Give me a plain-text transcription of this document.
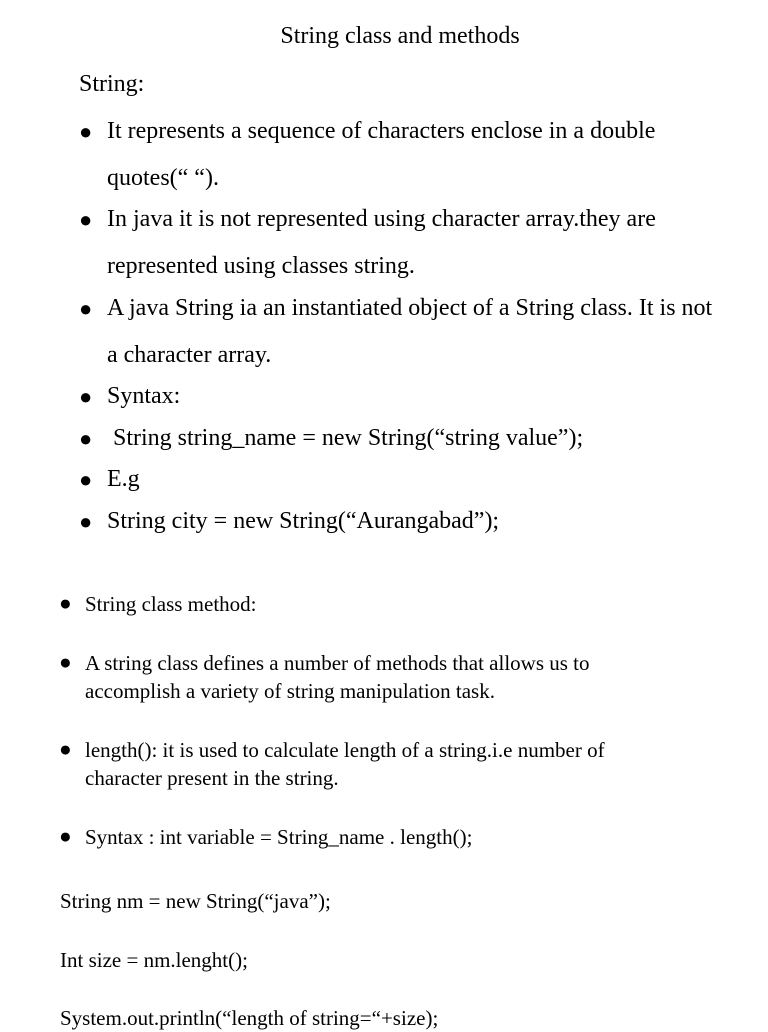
String class and methods
String:
● It represents a sequence of characters enclose in a double quotes(“ “).
● In java it is not represented using character array.they are represented using classes string.
● A java String ia an instantiated object of a String class. It is not a character array.
● Syntax:
● String string_name = new String(“string value”);
● E.g
● String city = new String(“Aurangabad”);
● String class method:
● A string class defines a number of methods that allows us to accomplish a variety of string manipulation task.
● length(): it is used to calculate length of a string.i.e number of character present in the string.
● Syntax : int variable = String_name . length();
String nm = new String(“java”);
Int size = nm.lenght();
System.out.println(“length of string=“+size);
